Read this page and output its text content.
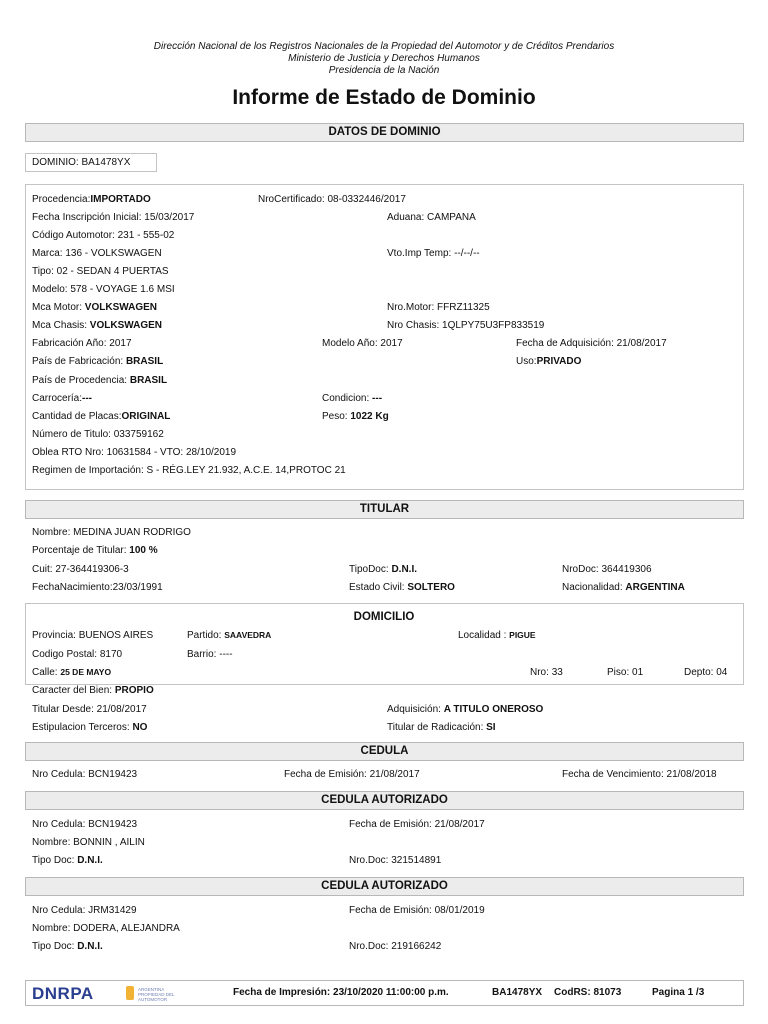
Dirección Nacional de los Registros Nacionales de la Propiedad del Automotor y de Créditos Prendarios
Ministerio de Justicia y Derechos Humanos
Presidencia de la Nación
Informe de Estado de Dominio
DATOS DE DOMINIO
DOMINIO: BA1478YX
Procedencia:IMPORTADO	NroCertificado: 08-0332446/2017
Fecha Inscripción Inicial: 15/03/2017	Aduana: CAMPANA
Código Automotor: 231 - 555-02
Marca: 136 - VOLKSWAGEN	Vto.Imp Temp: --/--/--
Tipo: 02 - SEDAN 4 PUERTAS
Modelo: 578 - VOYAGE 1.6 MSI
Mca Motor: VOLKSWAGEN	Nro.Motor: FFRZ11325
Mca Chasis: VOLKSWAGEN	Nro Chasis: 1QLPY75U3FP833519
Fabricación Año: 2017	Modelo Año: 2017	Fecha de Adquisición: 21/08/2017
País de Fabricación: BRASIL	Uso:PRIVADO
País de Procedencia: BRASIL
Carrocería:---	Condicion: ---
Cantidad de Placas:ORIGINAL	Peso: 1022 Kg
Número de Titulo: 033759162
Oblea RTO Nro: 10631584 - VTO: 28/10/2019
Regimen de Importación: S - RÉG.LEY 21.932, A.C.E. 14,PROTOC 21
TITULAR
Nombre: MEDINA JUAN RODRIGO
Porcentaje de Titular: 100 %
Cuit: 27-364419306-3	TipoDoc: D.N.I.	NroDoc: 364419306
FechaNacimiento:23/03/1991	Estado Civil: SOLTERO	Nacionalidad: ARGENTINA
DOMICILIO
Provincia: BUENOS AIRES	Partido: SAAVEDRA	Localidad : PIGUE
Codigo Postal: 8170	Barrio: ----
Calle: 25 DE MAYO	Nro: 33	Piso: 01	Depto: 04
Caracter del Bien: PROPIO
Titular Desde: 21/08/2017	Adquisición: A TITULO ONEROSO
Estipulacion Terceros: NO	Titular de Radicación: SI
CEDULA
Nro Cedula: BCN19423	Fecha de Emisión: 21/08/2017	Fecha de Vencimiento: 21/08/2018
CEDULA AUTORIZADO
Nro Cedula: BCN19423	Fecha de Emisión: 21/08/2017
Nombre: BONNIN , AILIN
Tipo Doc: D.N.I.	Nro.Doc: 321514891
CEDULA AUTORIZADO
Nro Cedula: JRM31429	Fecha de Emisión: 08/01/2019
Nombre: DODERA, ALEJANDRA
Tipo Doc: D.N.I.	Nro.Doc: 219166242
DNRPA	ARGENTINA PROPIEDAD DEL AUTOMOTOR
Fecha de Impresión: 23/10/2020 11:00:00 p.m.	BA1478YX CodRS: 81073	Pagina 1 /3
